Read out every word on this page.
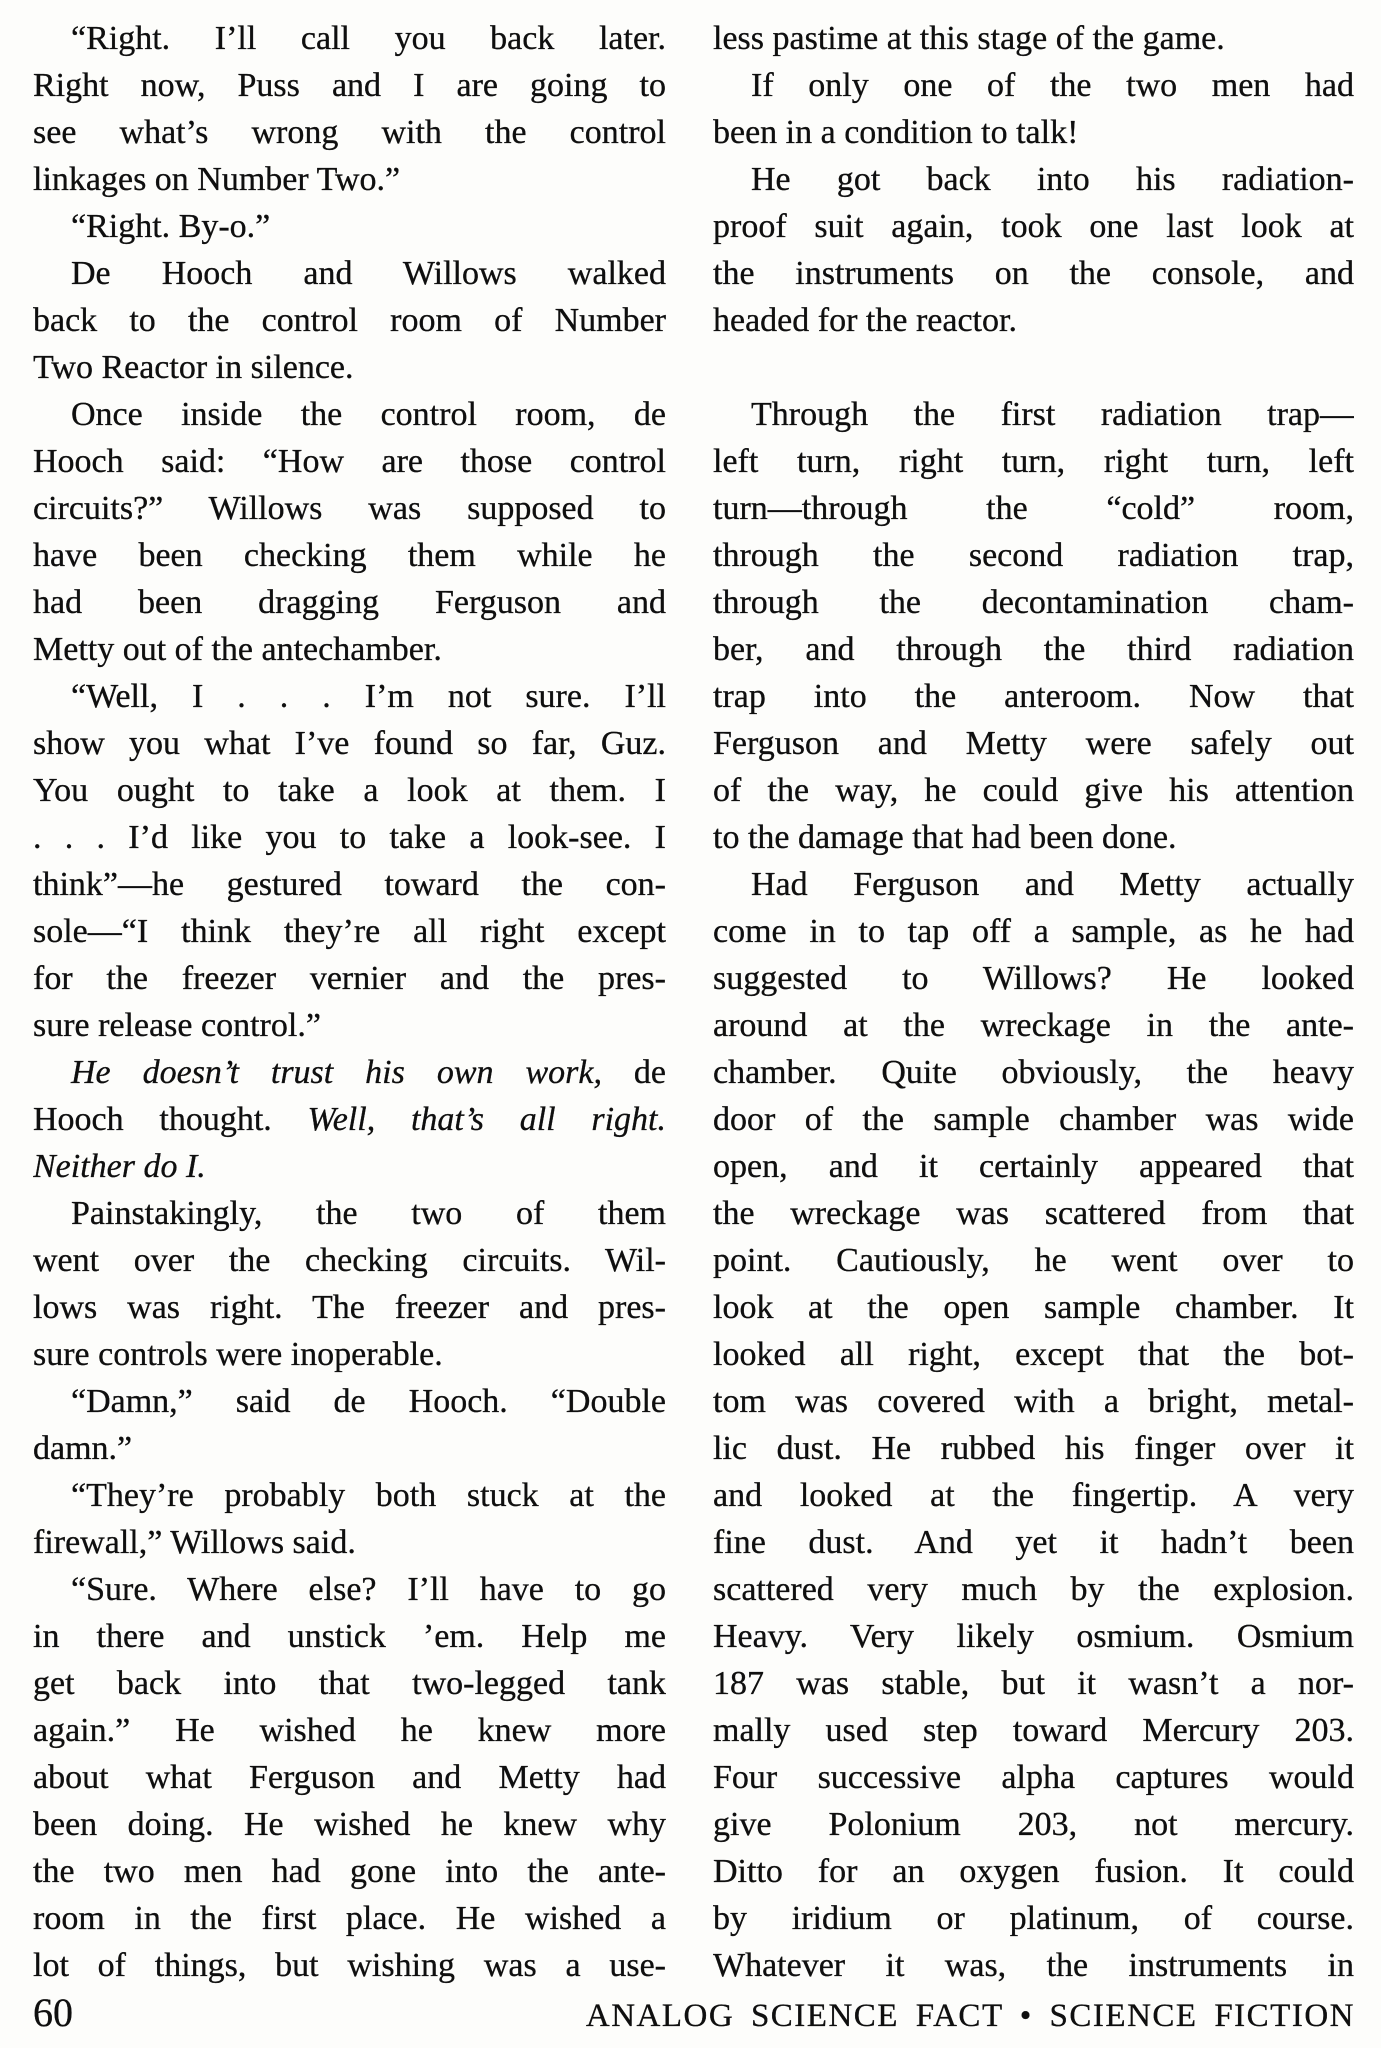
“Right. I’ll call you back later.
Right now, Puss and I are going to
see what’s wrong with the control
linkages on Number Two.”
“Right. By-o.”
De Hooch and Willows walked
back to the control room of Number
Two Reactor in silence.
Once inside the control room, de
Hooch said: “How are those control
circuits?” Willows was supposed to
have been checking them while he
had been dragging Ferguson and
Metty out of the antechamber.
“Well, I . . . I’m not sure. I’ll
show you what I’ve found so far, Guz.
You ought to take a look at them. I
. . . I’d like you to take a look-see. I
think”—he gestured toward the con-
sole—“I think they’re all right except
for the freezer vernier and the pres-
sure release control.”
He doesn’t trust his own work, de
Hooch thought. Well, that’s all right.
Neither do I.
Painstakingly, the two of them
went over the checking circuits. Wil-
lows was right. The freezer and pres-
sure controls were inoperable.
“Damn,” said de Hooch. “Double
damn.”
“They’re probably both stuck at the
firewall,” Willows said.
“Sure. Where else? I’ll have to go
in there and unstick ’em. Help me
get back into that two-legged tank
again.” He wished he knew more
about what Ferguson and Metty had
been doing. He wished he knew why
the two men had gone into the ante-
room in the first place. He wished a
lot of things, but wishing was a use-
less pastime at this stage of the game.
If only one of the two men had
been in a condition to talk!
He got back into his radiation-
proof suit again, took one last look at
the instruments on the console, and
headed for the reactor.
Through the first radiation trap—
left turn, right turn, right turn, left
turn—through the “cold” room,
through the second radiation trap,
through the decontamination cham-
ber, and through the third radiation
trap into the anteroom. Now that
Ferguson and Metty were safely out
of the way, he could give his attention
to the damage that had been done.
Had Ferguson and Metty actually
come in to tap off a sample, as he had
suggested to Willows? He looked
around at the wreckage in the ante-
chamber. Quite obviously, the heavy
door of the sample chamber was wide
open, and it certainly appeared that
the wreckage was scattered from that
point. Cautiously, he went over to
look at the open sample chamber. It
looked all right, except that the bot-
tom was covered with a bright, metal-
lic dust. He rubbed his finger over it
and looked at the fingertip. A very
fine dust. And yet it hadn’t been
scattered very much by the explosion.
Heavy. Very likely osmium. Osmium
187 was stable, but it wasn’t a nor-
mally used step toward Mercury 203.
Four successive alpha captures would
give Polonium 203, not mercury.
Ditto for an oxygen fusion. It could
by iridium or platinum, of course.
Whatever it was, the instruments in
60	ANALOG SCIENCE FACT • SCIENCE FICTION
